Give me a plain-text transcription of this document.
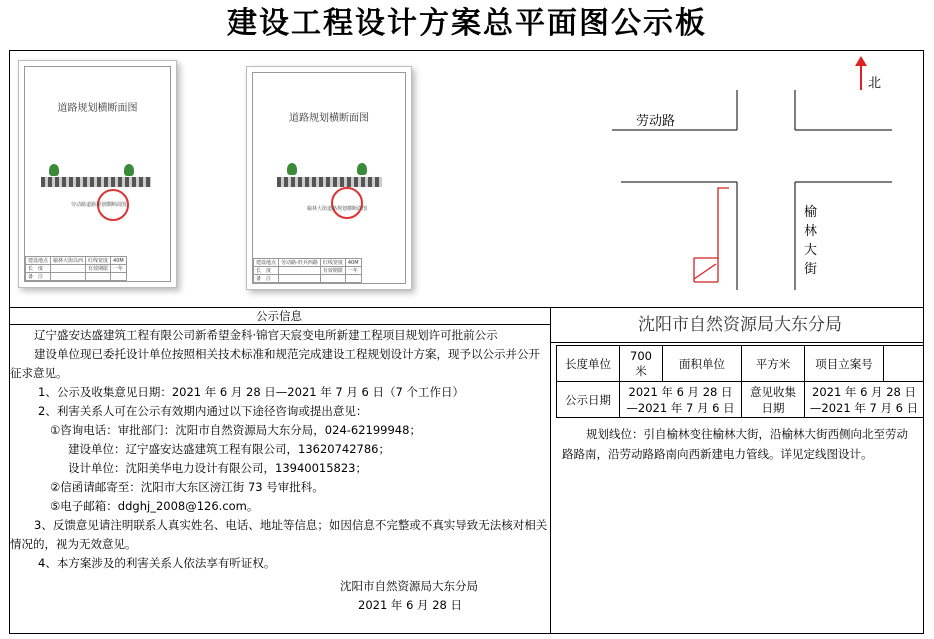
建设工程设计方案总平面图公示板
道路规划横断面图
劳动路道路规划横断面图
建设地点	榆林大街以西	红线宽度	40M
长　度		有效期限	一年
备　注			
道路规划横断面图
榆林大街道路规划横断面图
建设地点	劳动路-轩兵西路	红线宽度	40M
长　度		有效期限	一年
备　注			
北
劳动路
榆
林
大
街

公示信息

辽宁盛安达盛建筑工程有限公司新希望金科·锦官天宸变电所新建工程项目规划许可批前公示

建设单位现已委托设计单位按照相关技术标准和规范完成建设工程规划设计方案，现予以公示并公开征求意见。

1、公示及收集意见日期：2021 年 6 月 28 日—2021 年 7 月 6 日（7 个工作日）

2、利害关系人可在公示有效期内通过以下途径咨询或提出意见：

①咨询电话：审批部门：沈阳市自然资源局大东分局，024-62199948；

建设单位：辽宁盛安达盛建筑工程有限公司，13620742786；

设计单位：沈阳美华电力设计有限公司，13940015823；

②信函请邮寄至：沈阳市大东区滂江街 73 号审批科。

⑤电子邮箱：ddghj_2008@126.com。

3、反馈意见请注明联系人真实姓名、电话、地址等信息；如因信息不完整或不真实导致无法核对相关情况的，视为无效意见。

4、本方案涉及的利害关系人依法享有听证权。

沈阳市自然资源局大东分局

2021 年 6 月 28 日

沈阳市自然资源局大东分局
长度单位	700 米	面积单位	平方米	项目立案号	
公示日期	2021 年 6 月 28 日—2021 年 7 月 6 日		意见收集日期	2021 年 6 月 28 日—2021 年 7 月 6 日	
规划线位：引自榆林变往榆林大街，沿榆林大街西侧向北至劳动路路南，沿劳动路路南向西新建电力管线。详见定线图设计。
